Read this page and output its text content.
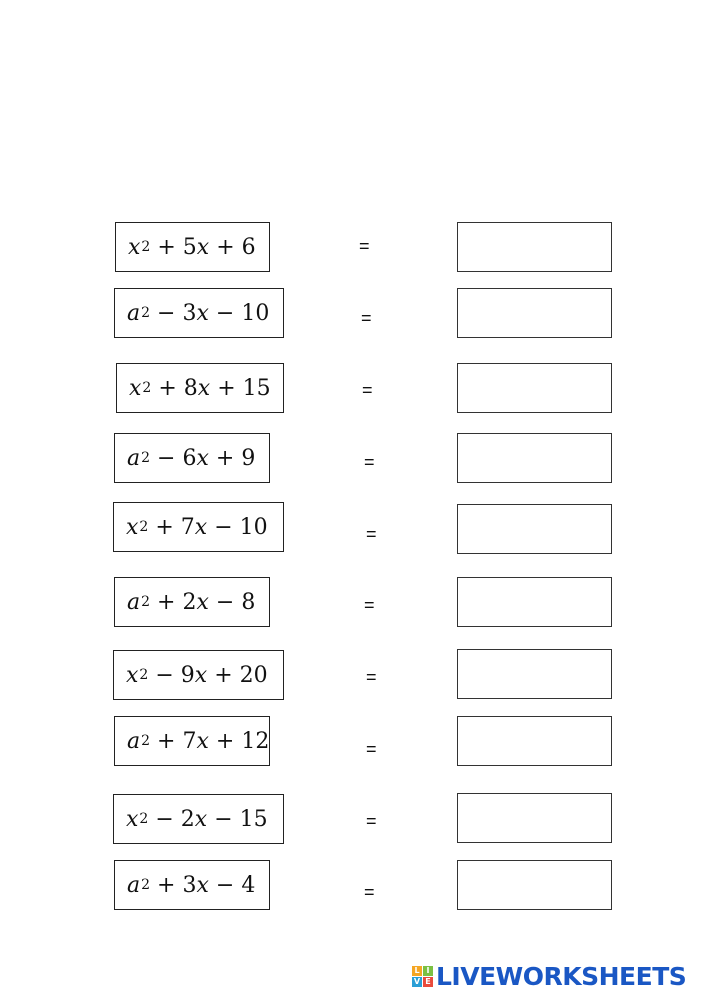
x 2 + 5 x + 6	=
a 2 − 3 x − 10	=
x 2 + 8 x + 15	=
a 2 − 6 x + 9	=
x 2 + 7 x − 10	=
a 2 + 2 x − 8	=
x 2 − 9 x + 20	=
a 2 + 7 x + 12	=
x 2 − 2 x − 15	=
a 2 + 3 x − 4	=
L I
V E LIVEWORKSHEETS
